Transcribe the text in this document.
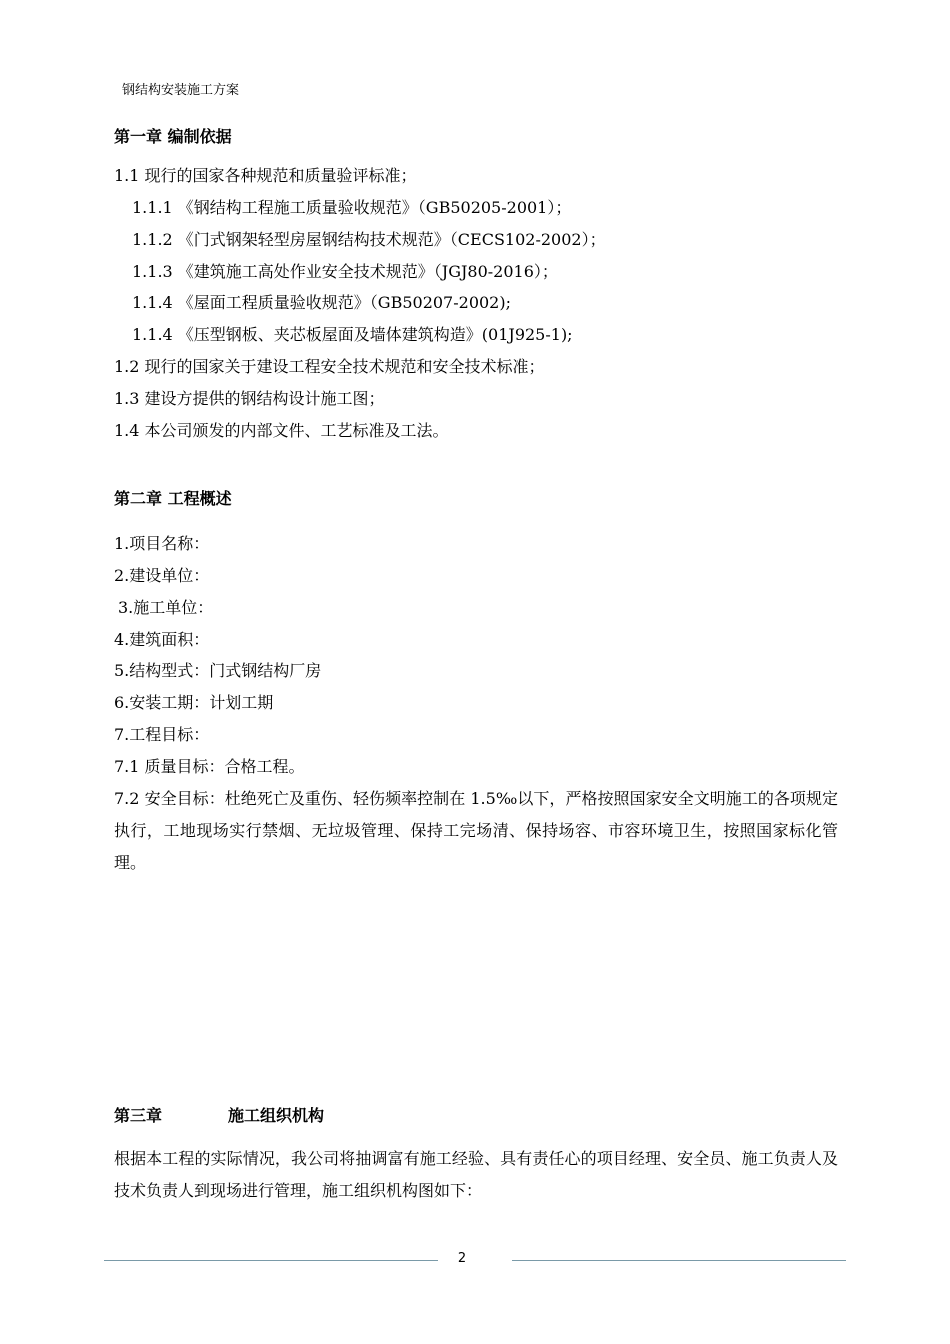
钢结构安装施工方案
第一章 编制依据
1.1 现行的国家各种规范和质量验评标准；
1.1.1 《钢结构工程施工质量验收规范》（GB50205-2001）；
1.1.2 《门式钢架轻型房屋钢结构技术规范》（CECS102-2002）；
1.1.3 《建筑施工高处作业安全技术规范》（JGJ80-2016）；
1.1.4 《屋面工程质量验收规范》（GB50207-2002);
1.1.4 《压型钢板、夹芯板屋面及墙体建筑构造》(01J925-1);
1.2 现行的国家关于建设工程安全技术规范和安全技术标准；
1.3 建设方提供的钢结构设计施工图；
1.4 本公司颁发的内部文件、工艺标准及工法。
第二章 工程概述
1.项目名称：
2.建设单位：
3.施工单位：
4.建筑面积：
5.结构型式：门式钢结构厂房
6.安装工期：计划工期
7.工程目标：
7.1 质量目标：合格工程。
7.2 安全目标：杜绝死亡及重伤、轻伤频率控制在 1.5‰以下，严格按照国家安全文明施工的各项规定执行，工地现场实行禁烟、无垃圾管理、保持工完场清、保持场容、市容环境卫生，按照国家标化管理。
第三章	施工组织机构
根据本工程的实际情况，我公司将抽调富有施工经验、具有责任心的项目经理、安全员、施工负责人及技术负责人到现场进行管理，施工组织机构图如下：
2
